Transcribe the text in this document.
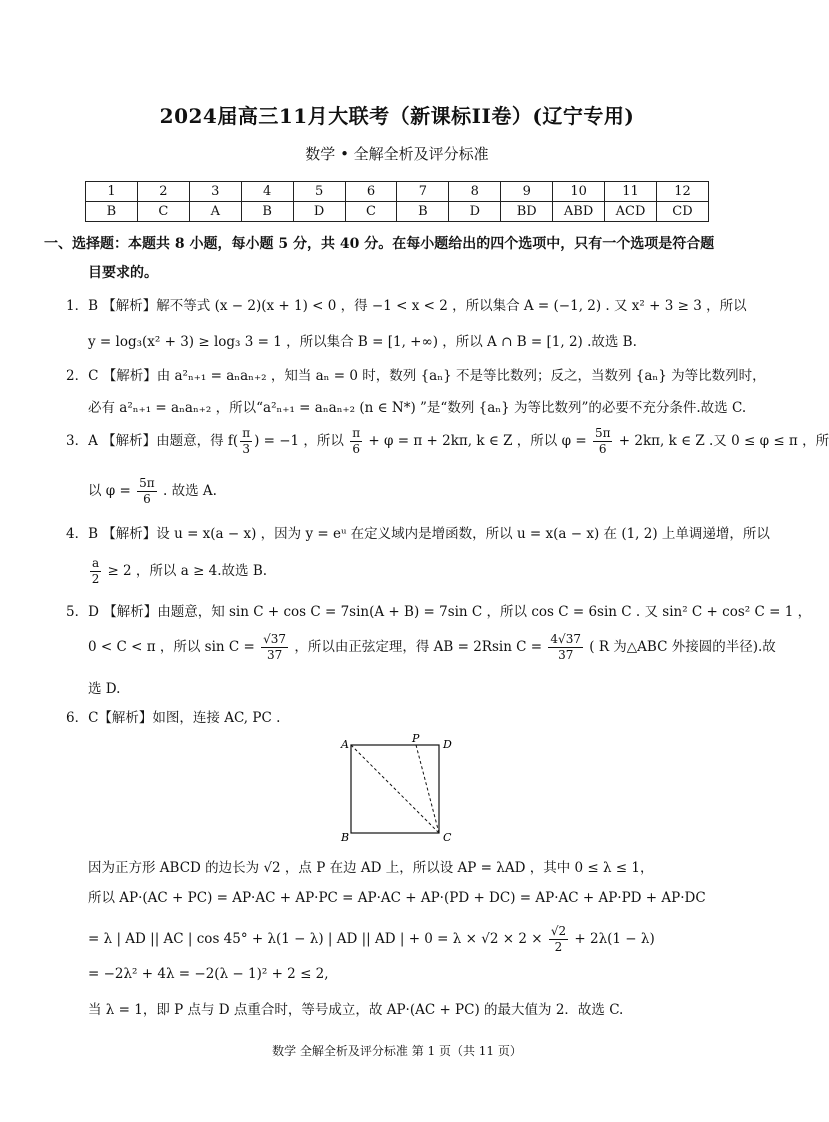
2024届高三11月大联考（新课标II卷）(辽宁专用)
数学 • 全解全析及评分标准
1	2	3	4	5	6	7	8	9	10	11	12
B	C	A	B	D	C	B	D	BD	ABD	ACD	CD
一、选择题：本题共 8 小题，每小题 5 分，共 40 分。在每小题给出的四个选项中，只有一个选项是符合题
目要求的。
1．B 【解析】解不等式 (x − 2)(x + 1) < 0 ，得 −1 < x < 2 ，所以集合 A = (−1, 2) . 又 x² + 3 ≥ 3 ，所以
y = log₃(x² + 3) ≥ log₃ 3 = 1 ，所以集合 B = [1, +∞) ，所以 A ∩ B = [1, 2) .故选 B.
2．C 【解析】由 a²ₙ₊₁ = aₙaₙ₊₂ ，知当 aₙ = 0 时，数列 {aₙ} 不是等比数列；反之，当数列 {aₙ} 为等比数列时，
必有 a²ₙ₊₁ = aₙaₙ₊₂ ，所以“a²ₙ₊₁ = aₙaₙ₊₂ (n ∈ N*) ”是“数列 {aₙ} 为等比数列”的必要不充分条件.故选 C.
3．A 【解析】由题意，得 $f( \frac{\pi}{3}$ ) = −1 ，所以 $\frac{\pi}{6} + \varphi = \pi + 2k\pi$, k ∈ Z ，所以 $\varphi = \frac{5\pi}{6} + 2k\pi$, k ∈ Z .又 0 ≤ φ ≤ π ，所
以 $\varphi = \frac{5\pi}{6}$ . 故选 A.
4．B 【解析】设 u = x(a − x) ，因为 y = eᵘ 在定义域内是增函数，所以 u = x(a − x) 在 (1, 2) 上单调递增，所以
$\frac{a}{2} \ge 2$ ，所以 a ≥ 4.故选 B.
5．D 【解析】由题意，知 sin C + cos C = 7sin(A + B) = 7sin C ，所以 cos C = 6sin C . 又 sin² C + cos² C = 1 ，
0 < C < π ，所以 $\sin C = \frac{√37}{37}$ ，所以由正弦定理，得 AB = 2Rsin $C = \frac{4√37}{37}$ ( R 为△ABC 外接圆的半径).故
选 D.
6．C【解析】如图，连接 AC, PC .
A	P D
B	C
因为正方形 ABCD 的边长为 √2 ，点 P 在边 AD 上，所以设 AP = λAD ，其中 0 ≤ λ ≤ 1，
所以 AP·(AC + PC) = AP·AC + AP·PC = AP·AC + AP·(PD + DC) = AP·AC + AP·PD + AP·DC
= λ | AD || AC | cos 45° + λ(1 − λ) | AD || AD | + $0 = \lambda \times √2 \times 2 \times \frac{√2}{2} + 2\lambda(1 - \lambda)$
= −2λ² + 4λ = −2(λ − 1)² + 2 ≤ 2,
当 λ = 1，即 P 点与 D 点重合时，等号成立，故 AP·(AC + PC) 的最大值为 2．故选 C.
数学 全解全析及评分标准 第 1 页（共 11 页）
